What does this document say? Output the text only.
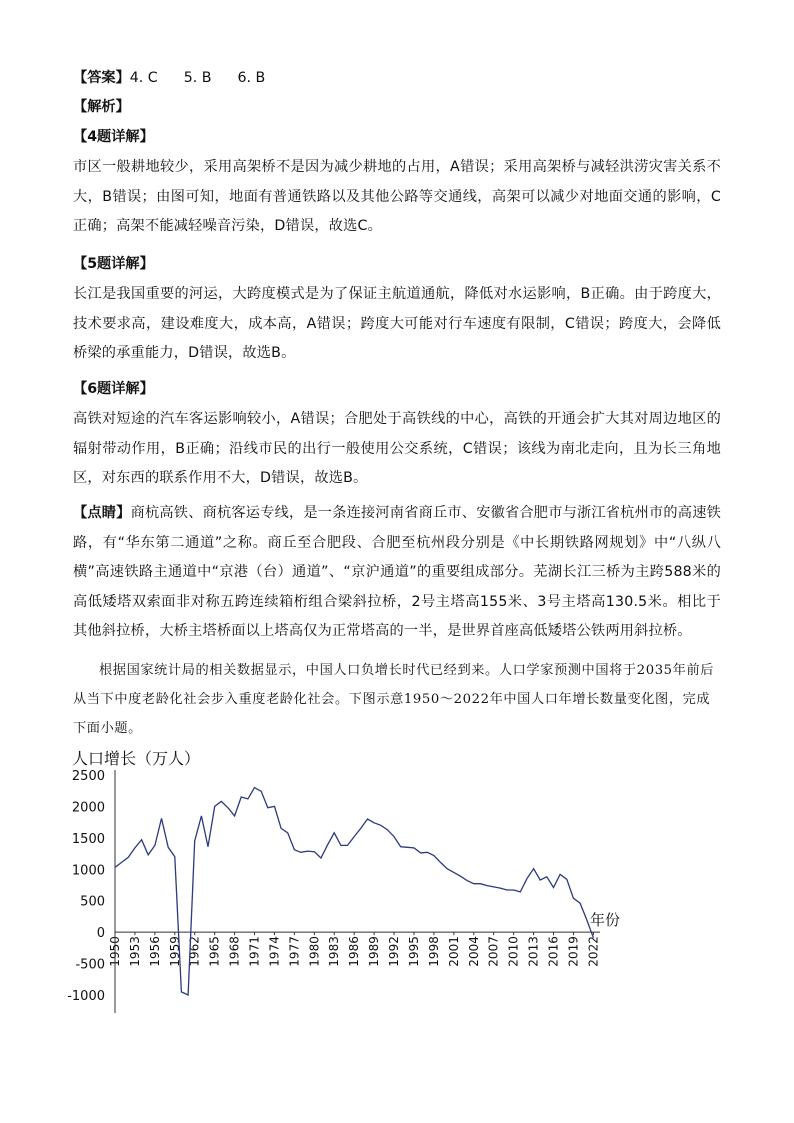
【答案】4. C 5. B 6. B
【解析】
【4题详解】
市区一般耕地较少，采用高架桥不是因为减少耕地的占用，A错误；采用高架桥与减轻洪涝灾害关系不大，B错误；由图可知，地面有普通铁路以及其他公路等交通线，高架可以减少对地面交通的影响，C正确；高架不能减轻噪音污染，D错误，故选C。
【5题详解】
长江是我国重要的河运，大跨度模式是为了保证主航道通航，降低对水运影响，B正确。由于跨度大，技术要求高，建设难度大，成本高，A错误；跨度大可能对行车速度有限制，C错误；跨度大，会降低桥梁的承重能力，D错误，故选B。
【6题详解】
高铁对短途的汽车客运影响较小，A错误；合肥处于高铁线的中心，高铁的开通会扩大其对周边地区的辐射带动作用，B正确；沿线市民的出行一般使用公交系统，C错误；该线为南北走向，且为长三角地区，对东西的联系作用不大，D错误，故选B。
【点睛】商杭高铁、商杭客运专线，是一条连接河南省商丘市、安徽省合肥市与浙江省杭州市的高速铁路，有“华东第二通道”之称。商丘至合肥段、合肥至杭州段分别是《中长期铁路网规划》中“八纵八横”高速铁路主通道中“京港（台）通道”、“京沪通道”的重要组成部分。芜湖长江三桥为主跨588米的高低矮塔双索面非对称五跨连续箱桁组合梁斜拉桥，2号主塔高155米、3号主塔高130.5米。相比于其他斜拉桥，大桥主塔桥面以上塔高仅为正常塔高的一半，是世界首座高低矮塔公铁两用斜拉桥。
根据国家统计局的相关数据显示，中国人口负增长时代已经到来。人口学家预测中国将于2035年前后从当下中度老龄化社会步入重度老龄化社会。下图示意1950～2022年中国人口年增长数量变化图，完成下面小题。
人口增长（万人）
2500
2000
1500
1000
500
0
-500
-1000
1950 1953 1956 1959 1962 1965 1968 1971 1974 1977 1980 1983 1986 1989 1992 1995 1998 2001 2004 2007 2010 2013 2016 2019 2022
年份
